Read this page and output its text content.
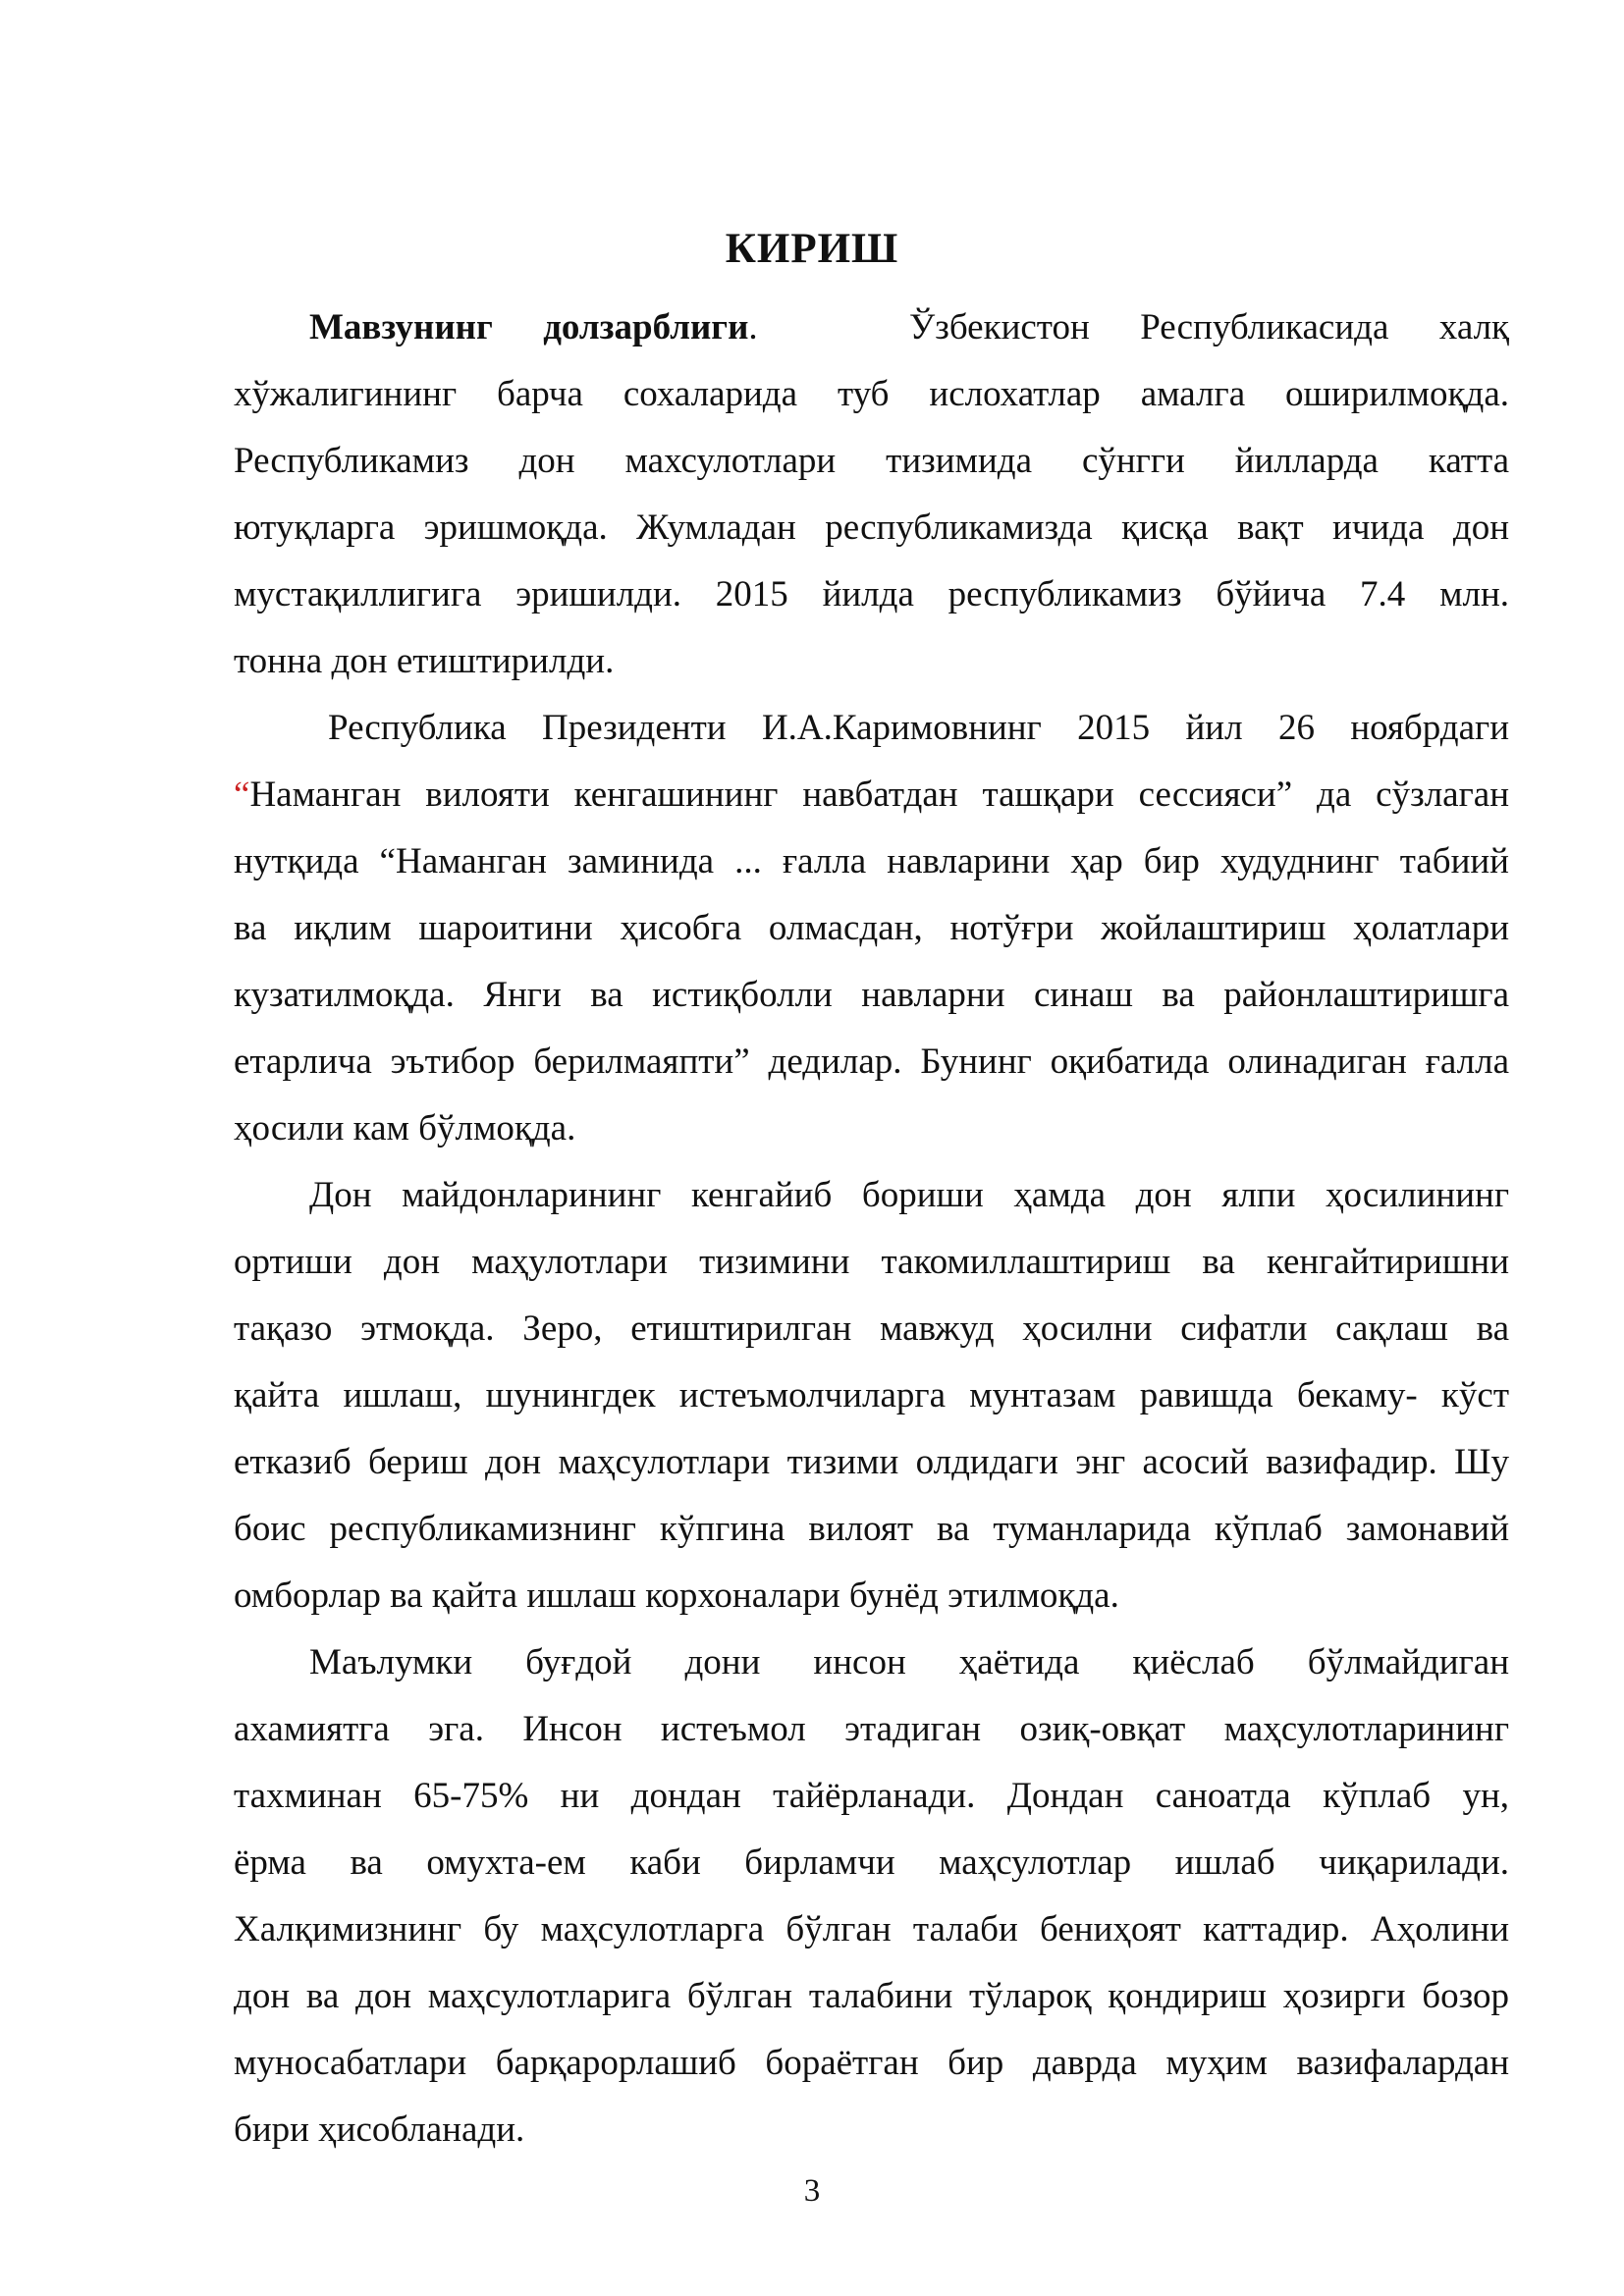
КИРИШ
Мавзунинг долзарблиги.	Ўзбекистон Республикасида халқ
хўжалигининг барча сохаларида туб ислохатлар амалга оширилмоқда.
Республикамиз дон махсулотлари тизимида сўнгги йилларда катта
ютуқларга эришмоқда. Жумладан республикамизда қисқа вақт ичида дон
мустақиллигига эришилди. 2015 йилда республикамиз бўйича 7.4 млн.
тонна дон етиштирилди.
Республика Президенти И.А.Каримовнинг 2015 йил 26 ноябрдаги
“Наманган вилояти кенгашининг навбатдан ташқари сессияси” да сўзлаган
нутқида “Наманган заминида ... ғалла навларини ҳар бир худуднинг табиий
ва иқлим шароитини ҳисобга олмасдан, нотўғри жойлаштириш ҳолатлари
кузатилмоқда. Янги ва истиқболли навларни синаш ва районлаштиришга
етарлича эътибор берилмаяпти” дедилар. Бунинг оқибатида олинадиган ғалла
ҳосили кам бўлмоқда.
Дон майдонларининг кенгайиб бориши ҳамда дон ялпи ҳосилининг
ортиши дон маҳулотлари тизимини такомиллаштириш ва кенгайтиришни
тақазо этмоқда. Зеро, етиштирилган мавжуд ҳосилни сифатли сақлаш ва
қайта ишлаш, шунингдек истеъмолчиларга мунтазам равишда бекаму- кўст
етказиб бериш дон маҳсулотлари тизими олдидаги энг асосий вазифадир. Шу
боис республикамизнинг кўпгина вилоят ва туманларида кўплаб замонавий
омборлар ва қайта ишлаш корхоналари бунёд этилмоқда.
Маълумки буғдой дони инсон ҳаётида қиёслаб бўлмайдиган
ахамиятга эга. Инсон истеъмол этадиган озиқ-овқат маҳсулотларининг
тахминан 65-75% ни дондан тайёрланади. Дондан саноатда кўплаб ун,
ёрма ва омухта-ем каби бирламчи маҳсулотлар ишлаб чиқарилади.
Халқимизнинг бу маҳсулотларга бўлган талаби бениҳоят каттадир. Аҳолини
дон ва дон маҳсулотларига бўлган талабини тўлароқ қондириш ҳозирги бозор
муносабатлари барқарорлашиб бораётган бир даврда муҳим вазифалардан
бири ҳисобланади.
3
